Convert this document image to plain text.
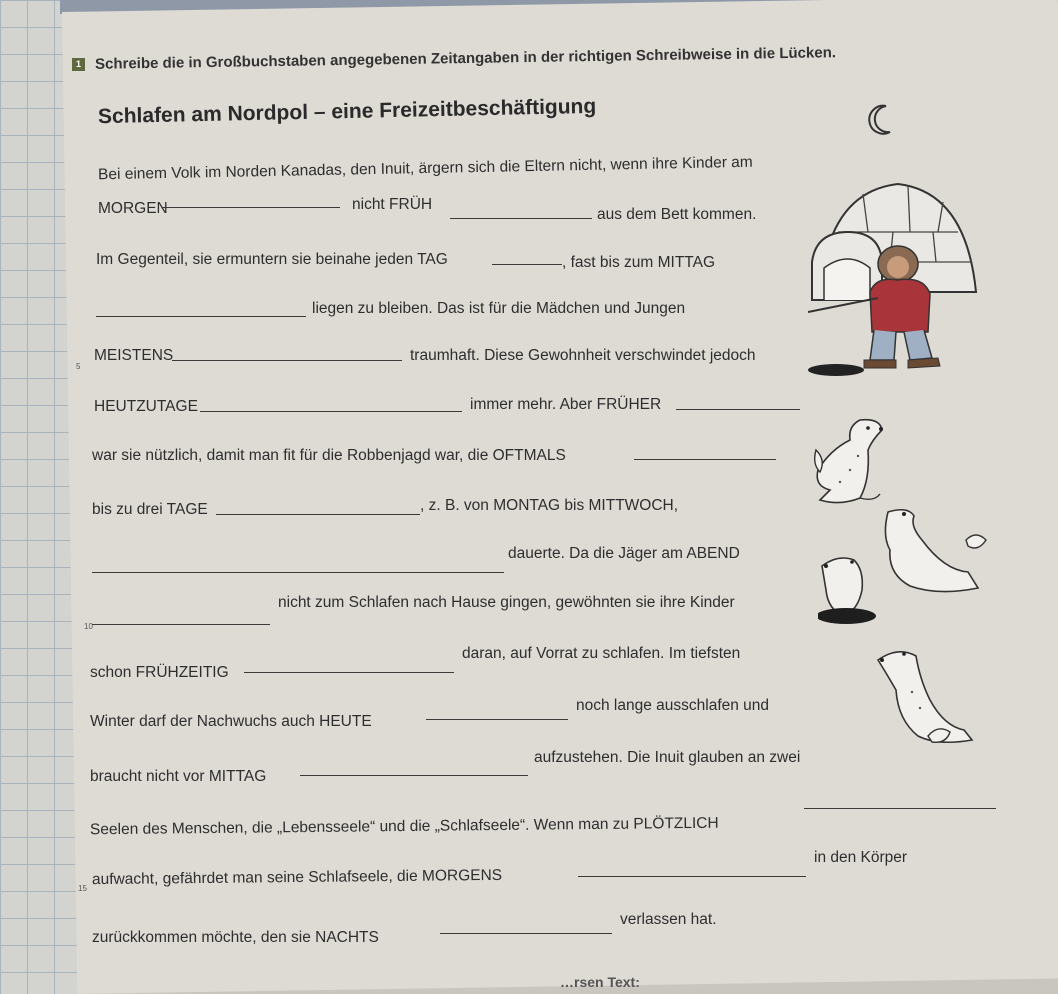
1 Schreibe die in Großbuchstaben angegebenen Zeitangaben in der richtigen Schreibweise in die Lücken.
Schlafen am Nordpol – eine Freizeitbeschäftigung
Bei einem Volk im Norden Kanadas, den Inuit, ärgern sich die Eltern nicht, wenn ihre Kinder am
MORGEN	nicht FRÜH
aus dem Bett kommen.
Im Gegenteil, sie ermuntern sie beinahe jeden TAG	, fast bis zum MITTAG
liegen zu bleiben. Das ist für die Mädchen und Jungen
5
MEISTENS	traumhaft. Diese Gewohnheit verschwindet jedoch
HEUTZUTAGE	immer mehr. Aber FRÜHER
war sie nützlich, damit man fit für die Robbenjagd war, die OFTMALS
bis zu drei TAGE	, z. B. von MONTAG bis MITTWOCH,
dauerte. Da die Jäger am ABEND
10
nicht zum Schlafen nach Hause gingen, gewöhnten sie ihre Kinder
schon FRÜHZEITIG
daran, auf Vorrat zu schlafen. Im tiefsten
Winter darf der Nachwuchs auch HEUTE
noch lange ausschlafen und
braucht nicht vor MITTAG
aufzustehen. Die Inuit glauben an zwei
Seelen des Menschen, die „Lebensseele“ und die „Schlafseele“. Wenn man zu PLÖTZLICH
15
aufwacht, gefährdet man seine Schlafseele, die MORGENS
in den Körper
zurückkommen möchte, den sie NACHTS
verlassen hat.
…rsen Text:
